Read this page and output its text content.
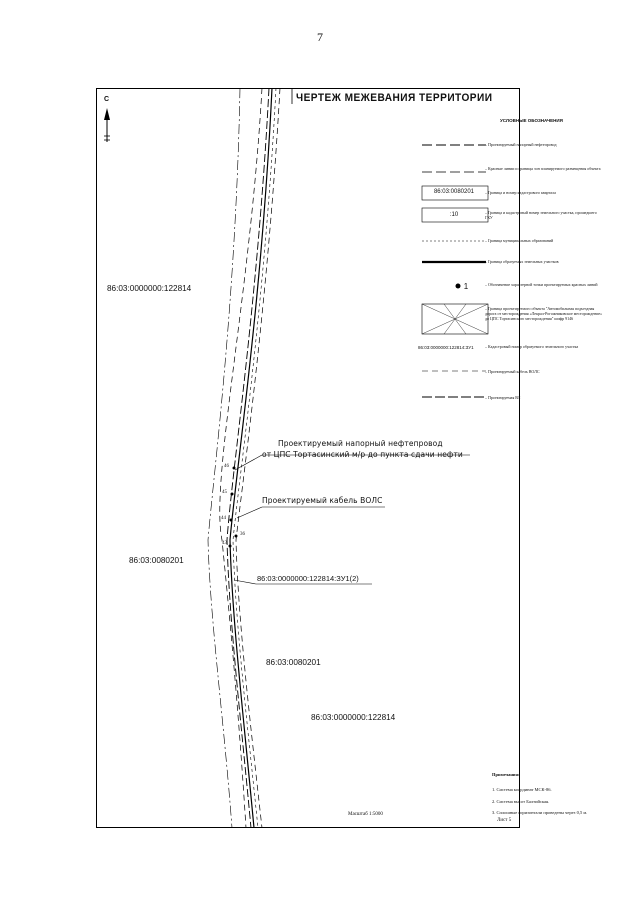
7
ЧЕРТЕЖ МЕЖЕВАНИЯ ТЕРРИТОРИИ
С
УСЛОВНЫЕ ОБОЗНАЧЕНИЯ
– Проектируемый напорный нефтепровод
– Красные линии и границы зон планируемого размещения объекта
86:03:0080201	– Граница и номер кадастрового квартала
:10	– Граница и кадастровый номер земельного участка, прошедшего ГКУ
– Граница муниципальных образований
– Граница образуемых земельных участков
1	– Обозначение характерной точки проектируемых красных линий
– Граница проектируемого объекта "Автомобильная подъездная дорога от месторождения «Лекрал-Рогожниковское месторождение» до ЦПС Тортасинского месторождения" шифр 9146
86:03:0000000:122814:ЗУ1	– Кадастровый номер образуемого земельного участка
– Проектируемый кабель ВОЛС
– Проектируемая ВЛ
86:03:0000000:122814
86:03:0080201
86:03:0000000:122814:ЗУ1(2)
86:03:0080201
86:03:0000000:122814
Проектируемый напорный нефтепровод
от ЦПС Тортасинский м/р до пункта сдачи нефти
Проектируемый кабель ВОЛС
46
45
44
43
36
Примечания:
1. Система координат МСК-86.
2. Система высот Балтийская.
3. Сплошные горизонтали проведены через 0,5 м.
Масштаб 1:5000
Лист 5
